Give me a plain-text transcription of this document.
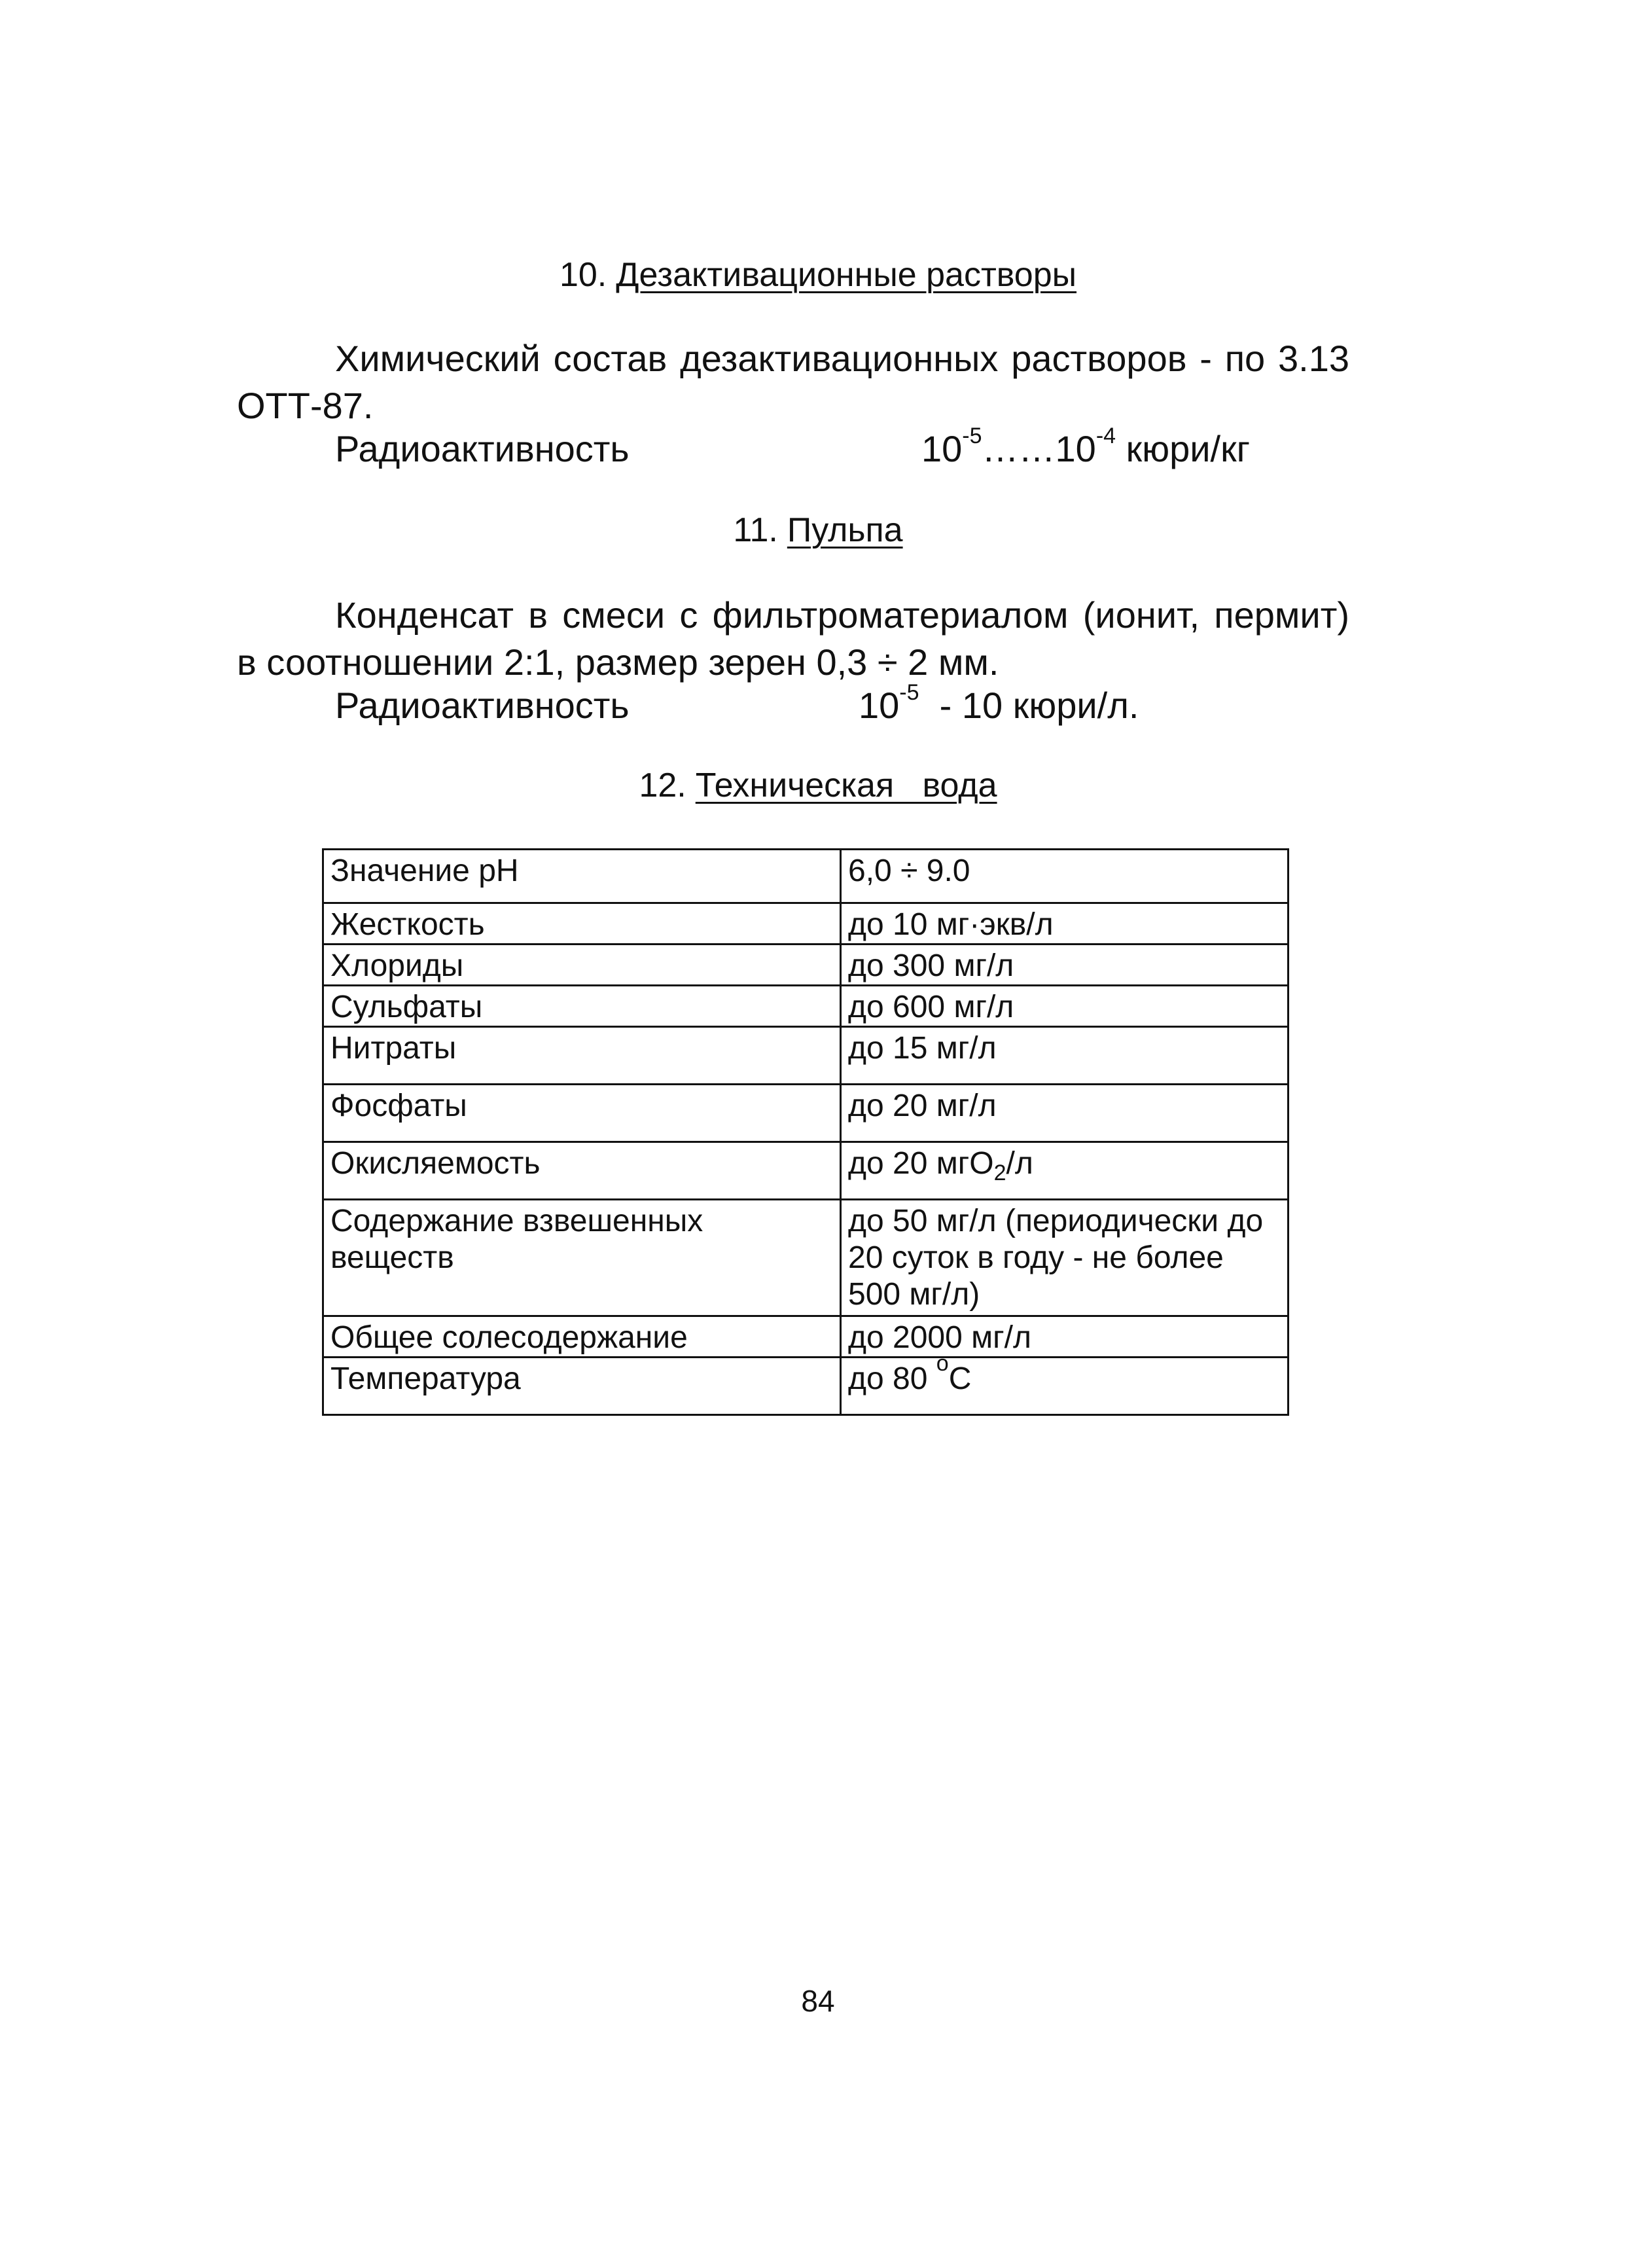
10. Дезактивационные растворы
Химический состав дезактивационных растворов - по 3.13 ОТТ-87.
Радиоактивность	$10^{-5}\dots\dots 10^{-4}$ кюри/кг
11. Пульпа
Конденсат в смеси с фильтроматериалом (ионит, пермит) в соотношении 2:1, размер зерен 0,3 ÷ 2 мм.
Радиоактивность	$10^{-5} - 10$ кюри/л.
12. Техническая   вода
Значение pH	6,0 ÷ 9.0
Жесткость	до 10 мг·экв/л
Хлориды	до 300 мг/л
Сульфаты	до 600 мг/л
Нитраты	до 15 мг/л
Фосфаты	до 20 мг/л
Окисляемость	до 20 мгО$_2$/л
Содержание взвешенных веществ	до 50 мг/л (периодически до 20 суток в году - не более 500 мг/л)
Общее солесодержание	до 2000 мг/л
Температура	до 80 $^o$С
84
